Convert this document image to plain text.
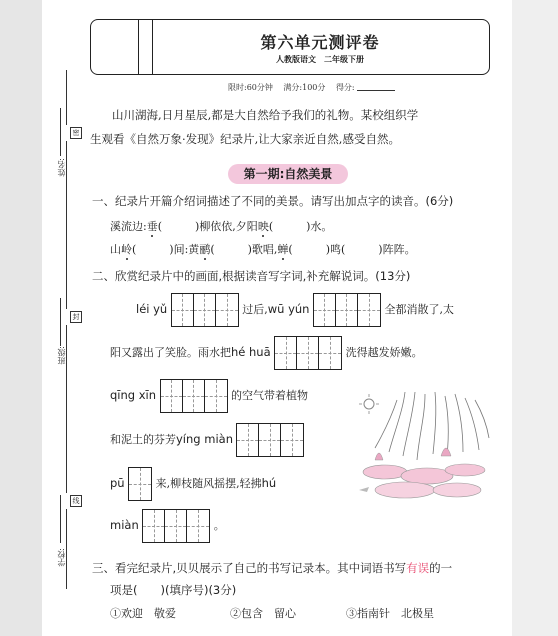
密
封
线
姓名:
班级:
学校:
第六单元测评卷
人教版语文　二年级下册
限时:60分钟 满分:100分 得分:
山川湖海,日月星辰,都是大自然给予我们的礼物。某校组织学
生观看《自然万象·发现》纪录片,让大家亲近自然,感受自然。
第一期:自然美景
一、纪录片开篇介绍词描述了不同的美景。请写出加点字的读音。(6分)
溪流边:垂(　　　)柳依依,夕阳映(　　　)水。
山岭(　　　)间:黄鹂(　　　)歌唱,蝉(　　　)鸣(　　　)阵阵。
二、欣赏纪录片中的画面,根据读音写字词,补充解说词。(13分)
léi yǔ	过后,wū yún	全都消散了,太
阳又露出了笑脸。雨水把hé huā	洗得越发娇嫩。
qīng xīn	的空气带着植物
和泥土的芬芳yíng miàn
pū	来,柳枝随风摇摆,轻拂hú
miàn	。
三、看完纪录片,贝贝展示了自己的书写记录本。其中词语书写有误的一
项是(　　)(填序号)(3分)
①欢迎　敬爱	②包含　留心	③指南针　北极星
